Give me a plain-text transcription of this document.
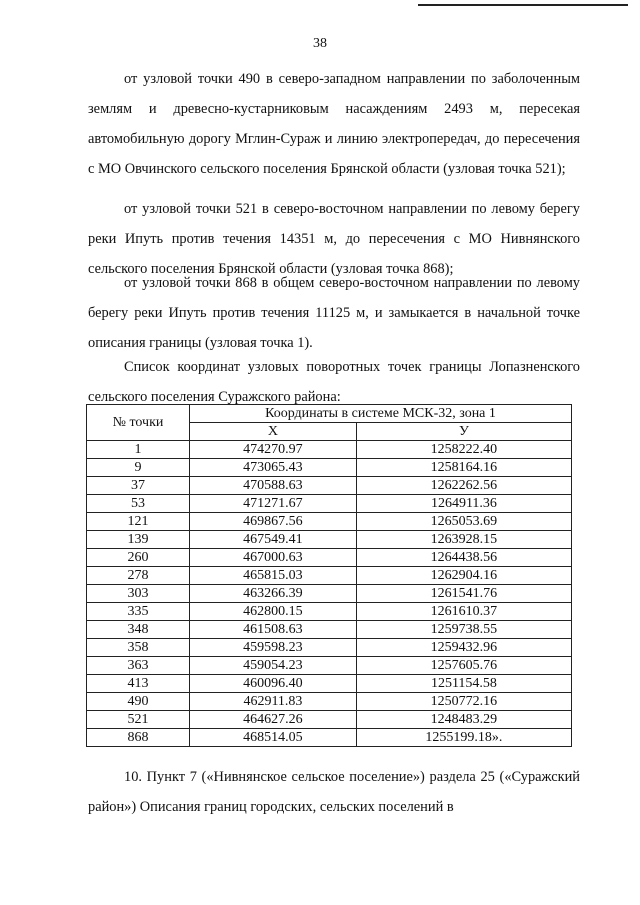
38

от узловой точки 490 в северо-западном направлении по заболоченным землям и древесно-кустарниковым насаждениям 2493 м, пересекая автомобильную дорогу Мглин-Сураж и линию электропередач, до пересечения с МО Овчинского сельского поселения Брянской области (узловая точка 521);

от узловой точки 521 в северо-восточном направлении по левому берегу реки Ипуть против течения 14351 м, до пересечения с МО Нивнянского сельского поселения Брянской области (узловая точка 868);

от узловой точки 868 в общем северо-восточном направлении по левому берегу реки Ипуть против течения 11125 м, и замыкается в начальной точке описания границы (узловая точка 1).

Список координат узловых поворотных точек границы Лопазненского сельского поселения Суражского района:

№ точки	Координаты в системе МСК-32, зона 1	
	X	У
1	474270.97	1258222.40
9	473065.43	1258164.16
37	470588.63	1262262.56
53	471271.67	1264911.36
121	469867.56	1265053.69
139	467549.41	1263928.15
260	467000.63	1264438.56
278	465815.03	1262904.16
303	463266.39	1261541.76
335	462800.15	1261610.37
348	461508.63	1259738.55
358	459598.23	1259432.96
363	459054.23	1257605.76
413	460096.40	1251154.58
490	462911.83	1250772.16
521	464627.26	1248483.29
868	468514.05	1255199.18».

10. Пункт 7 («Нивнянское сельское поселение») раздела 25 («Суражский район») Описания границ городских, сельских поселений в
